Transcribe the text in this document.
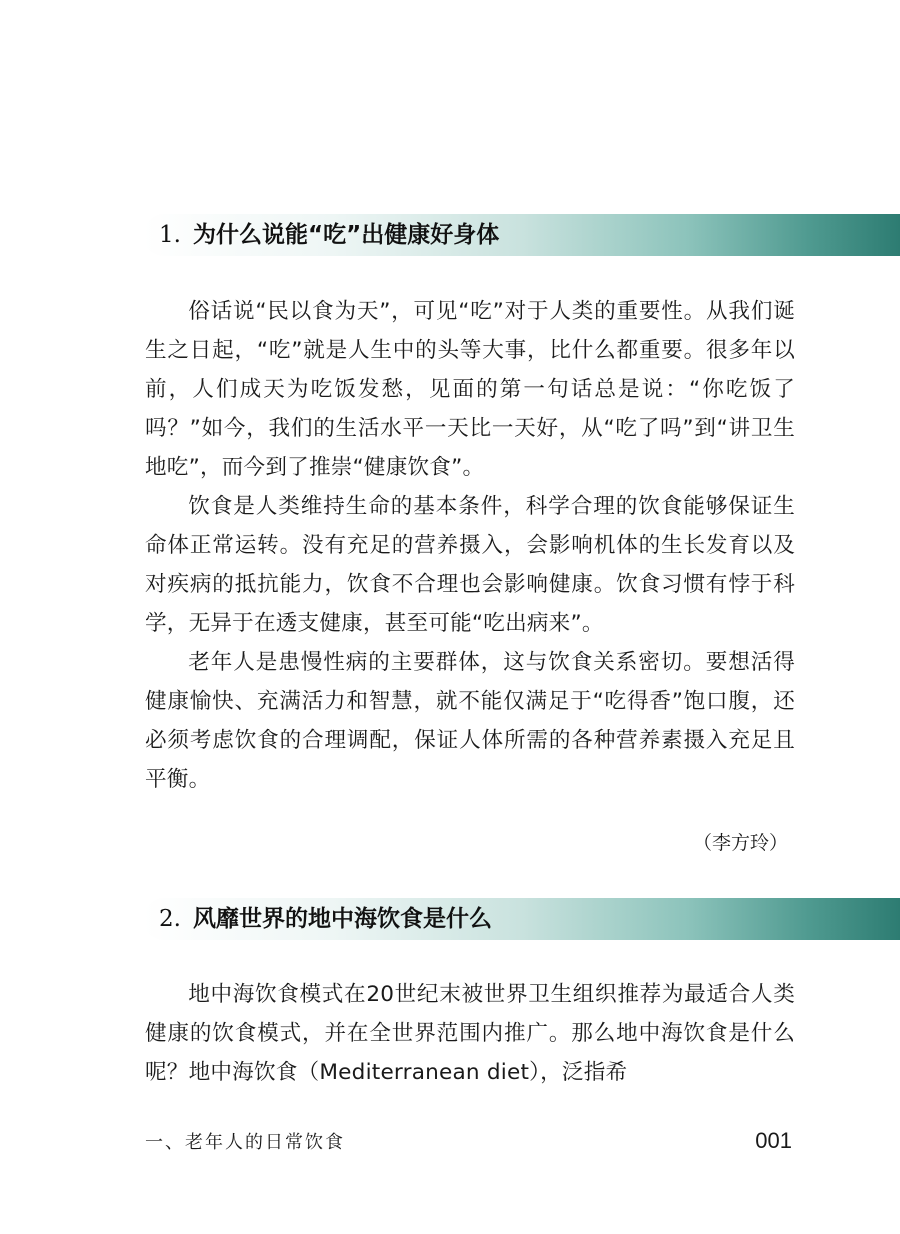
1. 为什么说能“吃”出健康好身体

俗话说“民以食为天”，可见“吃”对于人类的重要性。从我们诞生之日起，“吃”就是人生中的头等大事，比什么都重要。很多年以前，人们成天为吃饭发愁，见面的第一句话总是说：“你吃饭了吗？”如今，我们的生活水平一天比一天好，从“吃了吗”到“讲卫生地吃”，而今到了推崇“健康饮食”。

饮食是人类维持生命的基本条件，科学合理的饮食能够保证生命体正常运转。没有充足的营养摄入，会影响机体的生长发育以及对疾病的抵抗能力，饮食不合理也会影响健康。饮食习惯有悖于科学，无异于在透支健康，甚至可能“吃出病来”。

老年人是患慢性病的主要群体，这与饮食关系密切。要想活得健康愉快、充满活力和智慧，就不能仅满足于“吃得香”饱口腹，还必须考虑饮食的合理调配，保证人体所需的各种营养素摄入充足且平衡。

（李方玲）
2. 风靡世界的地中海饮食是什么

地中海饮食模式在20世纪末被世界卫生组织推荐为最适合人类健康的饮食模式，并在全世界范围内推广。那么地中海饮食是什么呢？地中海饮食（Mediterranean diet），泛指希

一、老年人的日常饮食	001
